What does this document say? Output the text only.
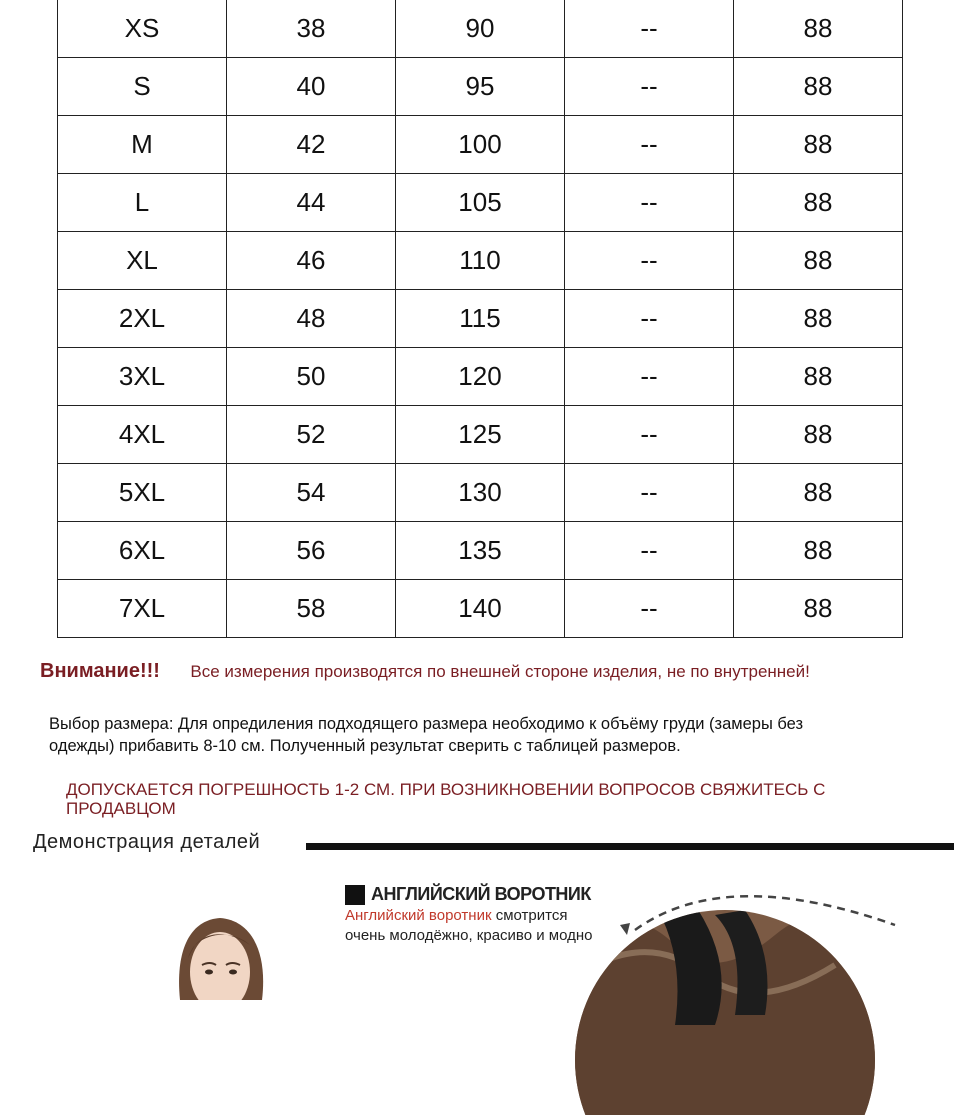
XS	38	90	--	88
S	40	95	--	88
M	42	100	--	88
L	44	105	--	88
XL	46	110	--	88
2XL	48	115	--	88
3XL	50	120	--	88
4XL	52	125	--	88
5XL	54	130	--	88
6XL	56	135	--	88
7XL	58	140	--	88
Внимание!!! Все измерения производятся по внешней стороне изделия, не по внутренней!
Выбор размера: Для опредиления подходящего размера необходимо к объёму груди (замеры без одежды) прибавить 8-10 см. Полученный результат сверить с таблицей размеров.
ДОПУСКАЕТСЯ ПОГРЕШНОСТЬ 1-2 СМ. ПРИ ВОЗНИКНОВЕНИИ ВОПРОСОВ СВЯЖИТЕСЬ С ПРОДАВЦОМ
Демонстрация деталей
АНГЛИЙСКИЙ ВОРОТНИК
Английский воротник смотрится
очень молодёжно, красиво и модно
